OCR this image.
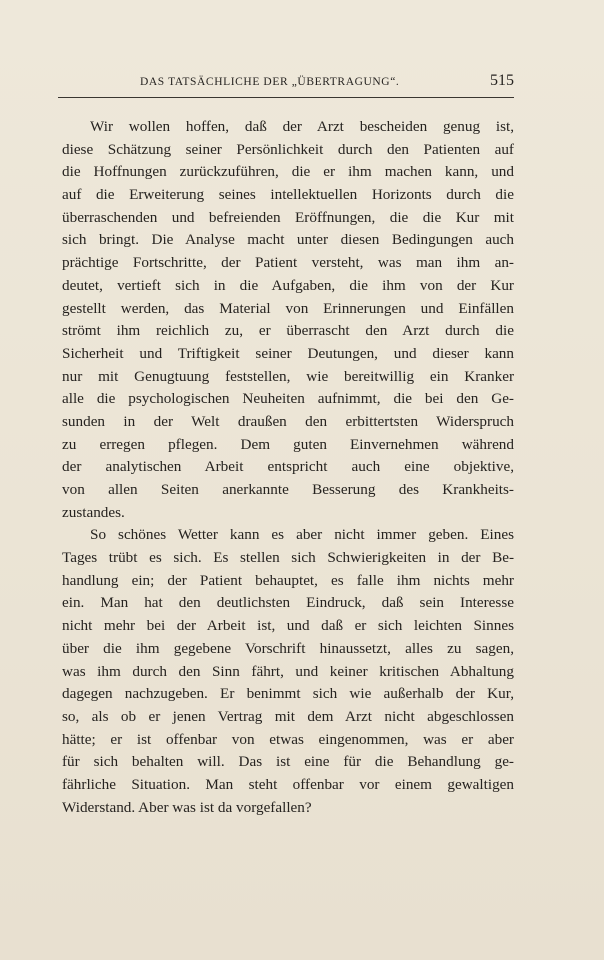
DAS TATSÄCHLICHE DER „ÜBERTRAGUNG“.	515
Wir wollen hoffen, daß der Arzt bescheiden genug ist,
diese Schätzung seiner Persönlichkeit durch den Patienten auf
die Hoffnungen zurückzuführen, die er ihm machen kann, und
auf die Erweiterung seines intellektuellen Horizonts durch die
überraschenden und befreienden Eröffnungen, die die Kur mit
sich bringt. Die Analyse macht unter diesen Bedingungen auch
prächtige Fortschritte, der Patient versteht, was man ihm an-
deutet, vertieft sich in die Aufgaben, die ihm von der Kur
gestellt werden, das Material von Erinnerungen und Einfällen
strömt ihm reichlich zu, er überrascht den Arzt durch die
Sicherheit und Triftigkeit seiner Deutungen, und dieser kann
nur mit Genugtuung feststellen, wie bereitwillig ein Kranker
alle die psychologischen Neuheiten aufnimmt, die bei den Ge-
sunden in der Welt draußen den erbittertsten Widerspruch
zu erregen pflegen. Dem guten Einvernehmen während
der analytischen Arbeit entspricht auch eine objektive,
von allen Seiten anerkannte Besserung des Krankheits-
zustandes.
So schönes Wetter kann es aber nicht immer geben. Eines
Tages trübt es sich. Es stellen sich Schwierigkeiten in der Be-
handlung ein; der Patient behauptet, es falle ihm nichts mehr
ein. Man hat den deutlichsten Eindruck, daß sein Interesse
nicht mehr bei der Arbeit ist, und daß er sich leichten Sinnes
über die ihm gegebene Vorschrift hinaussetzt, alles zu sagen,
was ihm durch den Sinn fährt, und keiner kritischen Abhaltung
dagegen nachzugeben. Er benimmt sich wie außerhalb der Kur,
so, als ob er jenen Vertrag mit dem Arzt nicht abgeschlossen
hätte; er ist offenbar von etwas eingenommen, was er aber
für sich behalten will. Das ist eine für die Behandlung ge-
fährliche Situation. Man steht offenbar vor einem gewaltigen
Widerstand. Aber was ist da vorgefallen?
